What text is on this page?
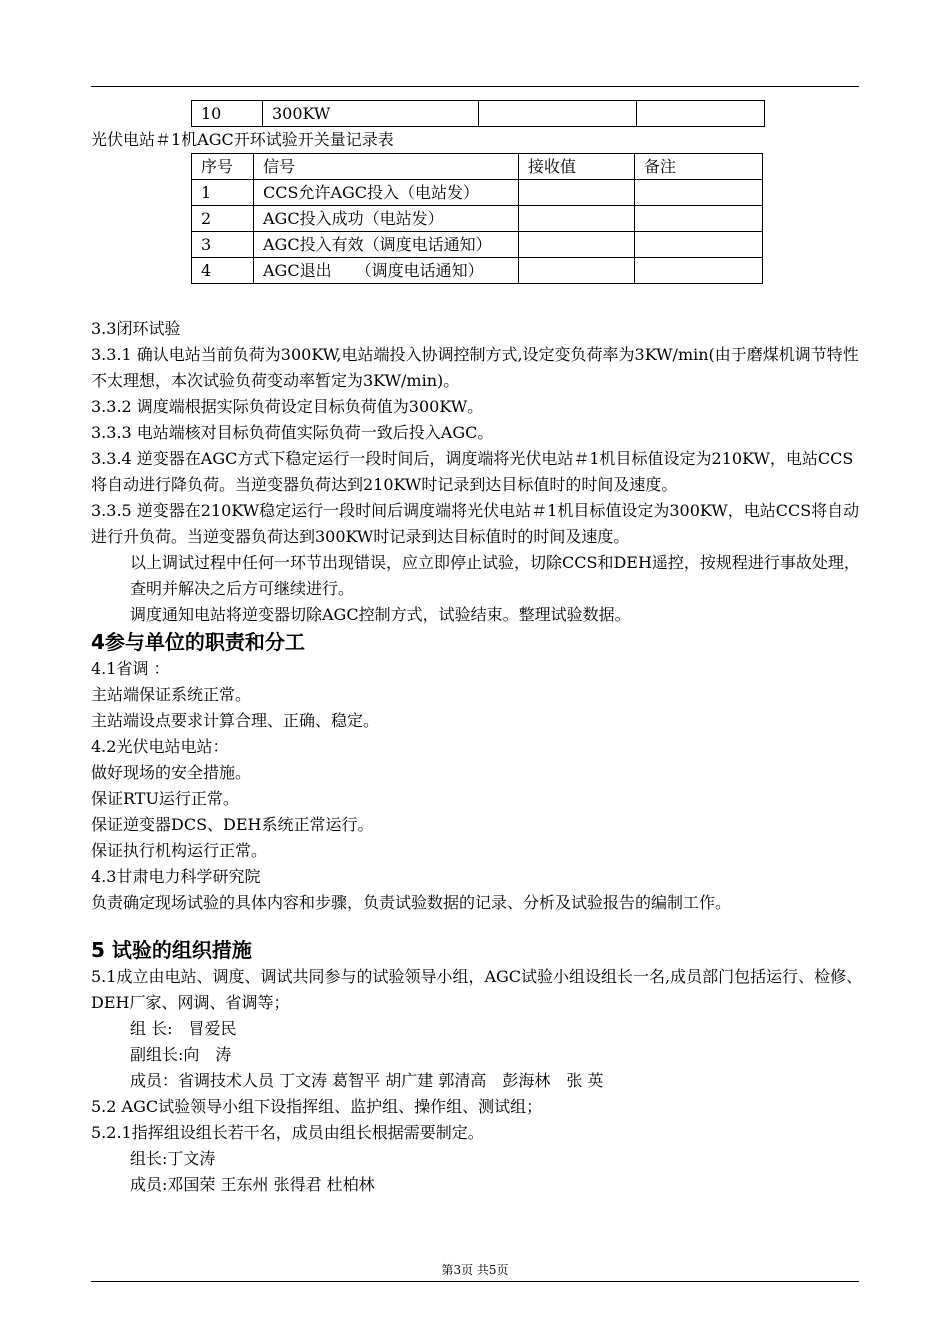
10	300KW		
光伏电站＃1机AGC开环试验开关量记录表
序号	信号	接收值	备注
1	CCS允许AGC投入（电站发）		
2	AGC投入成功（电站发）		
3	AGC投入有效（调度电话通知）		
4	AGC退出　　（调度电话通知）		
3.3闭环试验
3.3.1 确认电站当前负荷为300KW,电站端投入协调控制方式,设定变负荷率为3KW/min(由于磨煤机调节特性不太理想，本次试验负荷变动率暂定为3KW/min)。
3.3.2 调度端根据实际负荷设定目标负荷值为300KW。
3.3.3 电站端核对目标负荷值实际负荷一致后投入AGC。
3.3.4 逆变器在AGC方式下稳定运行一段时间后，调度端将光伏电站＃1机目标值设定为210KW，电站CCS将自动进行降负荷。当逆变器负荷达到210KW时记录到达目标值时的时间及速度。
3.3.5 逆变器在210KW稳定运行一段时间后调度端将光伏电站＃1机目标值设定为300KW，电站CCS将自动进行升负荷。当逆变器负荷达到300KW时记录到达目标值时的时间及速度。
以上调试过程中任何一环节出现错误，应立即停止试验，切除CCS和DEH遥控，按规程进行事故处理，查明并解决之后方可继续进行。
调度通知电站将逆变器切除AGC控制方式，试验结束。整理试验数据。
4参与单位的职责和分工
4.1省调 ：
主站端保证系统正常。
主站端设点要求计算合理、正确、稳定。
4.2光伏电站电站：
做好现场的安全措施。
保证RTU运行正常。
保证逆变器DCS、DEH系统正常运行。
保证执行机构运行正常。
4.3甘肃电力科学研究院
负责确定现场试验的具体内容和步骤，负责试验数据的记录、分析及试验报告的编制工作。
5 试验的组织措施
5.1成立由电站、调度、调试共同参与的试验领导小组，AGC试验小组设组长一名,成员部门包括运行、检修、DEH厂家、网调、省调等；
组 长:　冒爱民
副组长:向　涛
成员：省调技术人员 丁文涛 葛智平 胡广建 郭清高　彭海林　张 英
5.2 AGC试验领导小组下设指挥组、监护组、操作组、测试组；
5.2.1指挥组设组长若干名，成员由组长根据需要制定。
组长:丁文涛
成员:邓国荣 王东州 张得君 杜柏林
第3页 共5页
